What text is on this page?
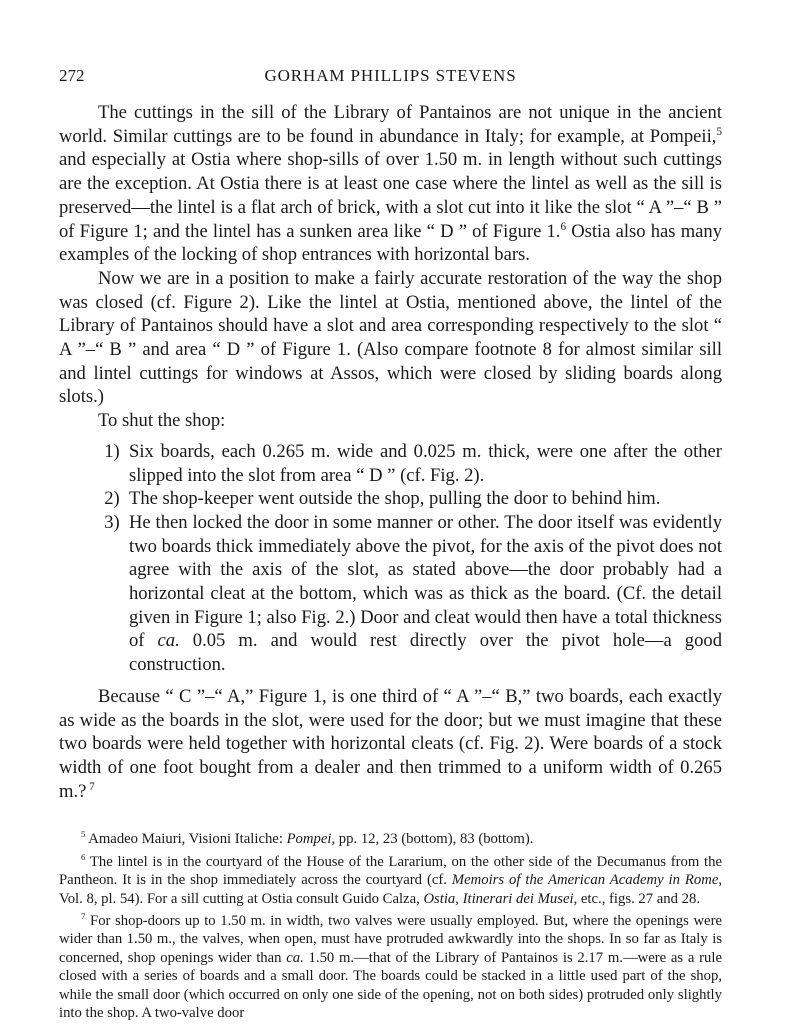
272	GORHAM PHILLIPS STEVENS

The cuttings in the sill of the Library of Pantainos are not unique in the ancient world. Similar cuttings are to be found in abundance in Italy; for example, at Pompeii,$^5$ and especially at Ostia where shop-sills of over 1.50 m. in length without such cuttings are the exception. At Ostia there is at least one case where the lintel as well as the sill is preserved—the lintel is a flat arch of brick, with a slot cut into it like the slot “ A ”–“ B ” of Figure 1; and the lintel has a sunken area like “ D ” of Figure 1.$^6$ Ostia also has many examples of the locking of shop entrances with horizontal bars.

Now we are in a position to make a fairly accurate restoration of the way the shop was closed (cf. Figure 2). Like the lintel at Ostia, mentioned above, the lintel of the Library of Pantainos should have a slot and area corresponding respectively to the slot “ A ”–“ B ” and area “ D ” of Figure 1. (Also compare footnote 8 for almost similar sill and lintel cuttings for windows at Assos, which were closed by sliding boards along slots.)

To shut the shop:

1) Six boards, each 0.265 m. wide and 0.025 m. thick, were one after the other slipped into the slot from area “ D ” (cf. Fig. 2).
2) The shop-keeper went outside the shop, pulling the door to behind him.
3) He then locked the door in some manner or other. The door itself was evidently two boards thick immediately above the pivot, for the axis of the pivot does not agree with the axis of the slot, as stated above—the door probably had a horizontal cleat at the bottom, which was as thick as the board. (Cf. the detail given in Figure 1; also Fig. 2.) Door and cleat would then have a total thickness of ca. 0.05 m. and would rest directly over the pivot hole—a good construction.

Because “ C ”–“ A,” Figure 1, is one third of “ A ”–“ B,” two boards, each exactly as wide as the boards in the slot, were used for the door; but we must imagine that these two boards were held together with horizontal cleats (cf. Fig. 2). Were boards of a stock width of one foot bought from a dealer and then trimmed to a uniform width of 0.265 m.? $^7$

$^5$ Amadeo Maiuri, Visioni Italiche: Pompei, pp. 12, 23 (bottom), 83 (bottom).

$^6$ The lintel is in the courtyard of the House of the Lararium, on the other side of the Decumanus from the Pantheon. It is in the shop immediately across the courtyard (cf. Memoirs of the American Academy in Rome, Vol. 8, pl. 54). For a sill cutting at Ostia consult Guido Calza, Ostia, Itinerari dei Musei, etc., figs. 27 and 28.

$^7$ For shop-doors up to 1.50 m. in width, two valves were usually employed. But, where the openings were wider than 1.50 m., the valves, when open, must have protruded awkwardly into the shops. In so far as Italy is concerned, shop openings wider than ca. 1.50 m.—that of the Library of Pantainos is 2.17 m.—were as a rule closed with a series of boards and a small door. The boards could be stacked in a little used part of the shop, while the small door (which occurred on only one side of the opening, not on both sides) protruded only slightly into the shop. A two-valve door
